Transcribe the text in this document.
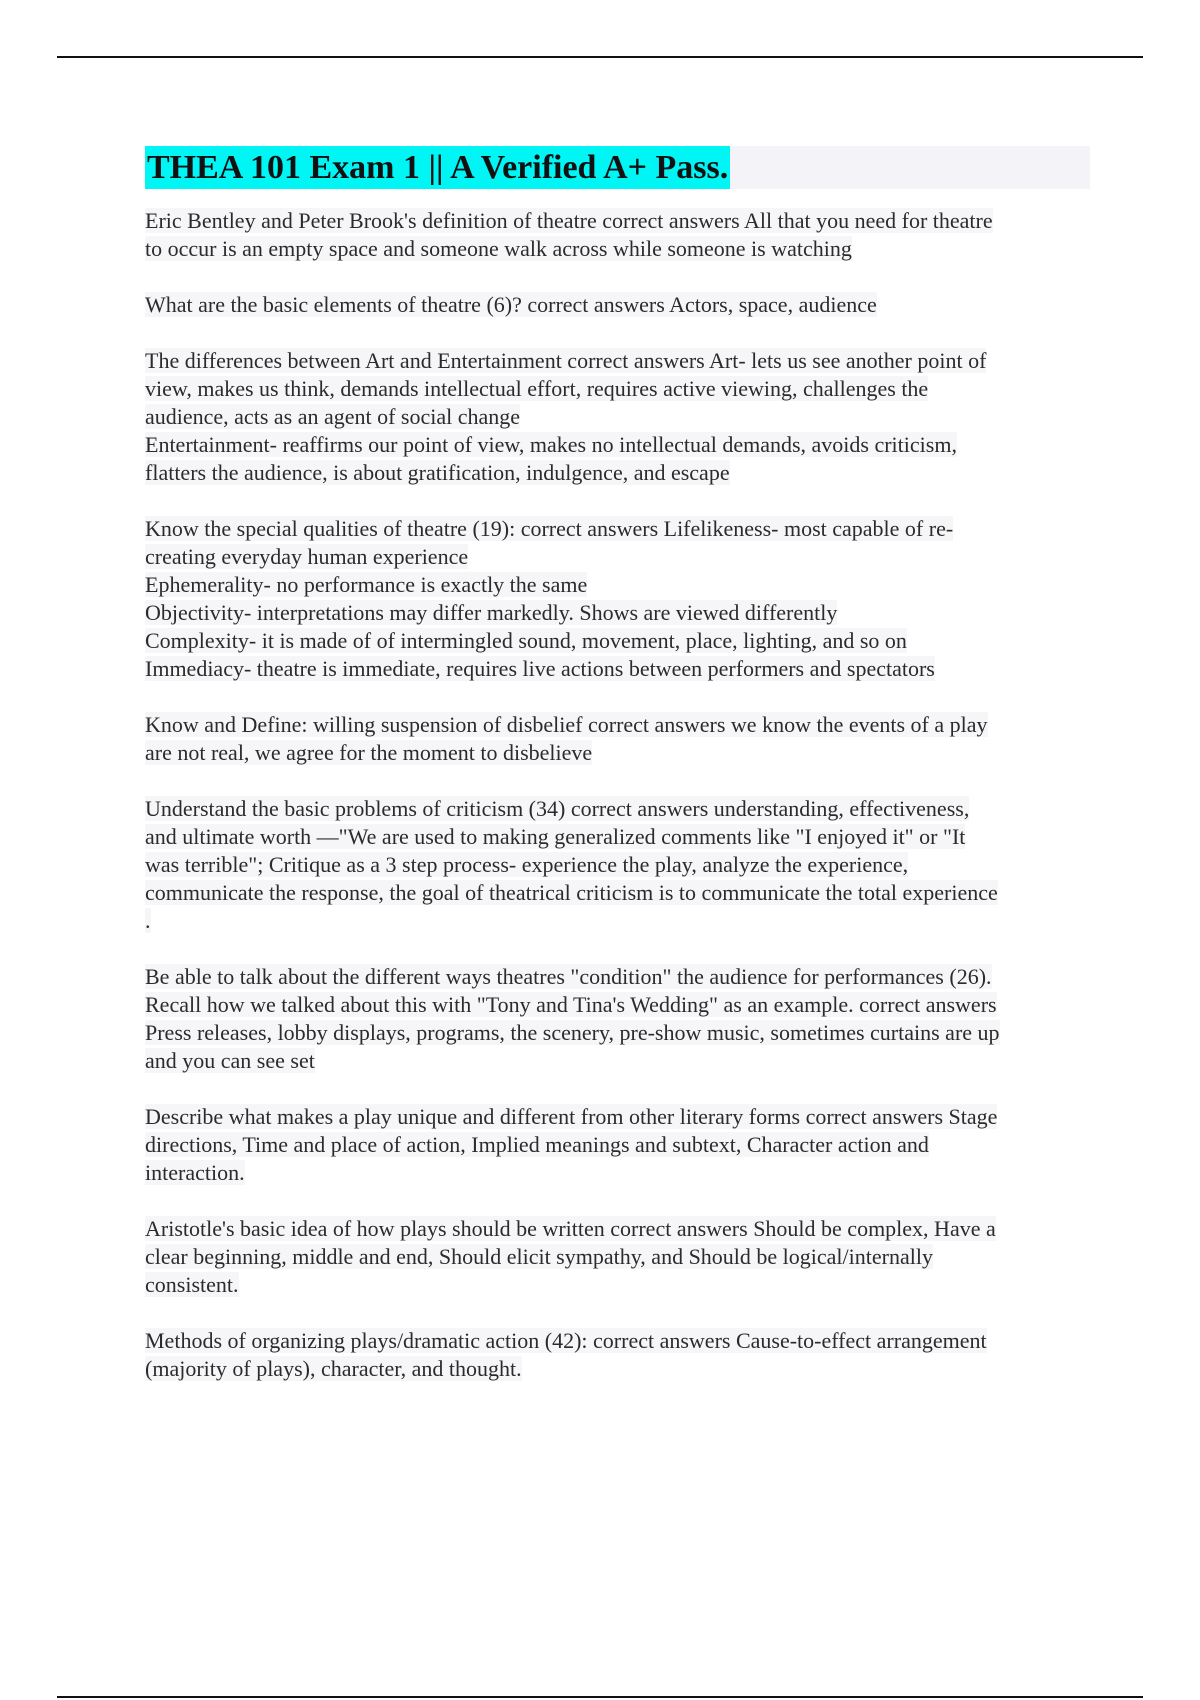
THEA 101 Exam 1 || A Verified A+ Pass.
Eric Bentley and Peter Brook's definition of theatre correct answers All that you need for theatre
to occur is an empty space and someone walk across while someone is watching
What are the basic elements of theatre (6)? correct answers Actors, space, audience
The differences between Art and Entertainment correct answers Art- lets us see another point of
view, makes us think, demands intellectual effort, requires active viewing, challenges the
audience, acts as an agent of social change
Entertainment- reaffirms our point of view, makes no intellectual demands, avoids criticism,
flatters the audience, is about gratification, indulgence, and escape
Know the special qualities of theatre (19): correct answers Lifelikeness- most capable of re-
creating everyday human experience
Ephemerality- no performance is exactly the same
Objectivity- interpretations may differ markedly. Shows are viewed differently
Complexity- it is made of of intermingled sound, movement, place, lighting, and so on
Immediacy- theatre is immediate, requires live actions between performers and spectators
Know and Define: willing suspension of disbelief correct answers we know the events of a play
are not real, we agree for the moment to disbelieve
Understand the basic problems of criticism (34) correct answers understanding, effectiveness,
and ultimate worth —"We are used to making generalized comments like "I enjoyed it" or "It
was terrible"; Critique as a 3 step process- experience the play, analyze the experience,
communicate the response, the goal of theatrical criticism is to communicate the total experience
.
Be able to talk about the different ways theatres "condition" the audience for performances (26).
Recall how we talked about this with "Tony and Tina's Wedding" as an example. correct answers
Press releases, lobby displays, programs, the scenery, pre-show music, sometimes curtains are up
and you can see set
Describe what makes a play unique and different from other literary forms correct answers Stage
directions, Time and place of action, Implied meanings and subtext, Character action and
interaction.
Aristotle's basic idea of how plays should be written correct answers Should be complex, Have a
clear beginning, middle and end, Should elicit sympathy, and Should be logical/internally
consistent.
Methods of organizing plays/dramatic action (42): correct answers Cause-to-effect arrangement
(majority of plays), character, and thought.
